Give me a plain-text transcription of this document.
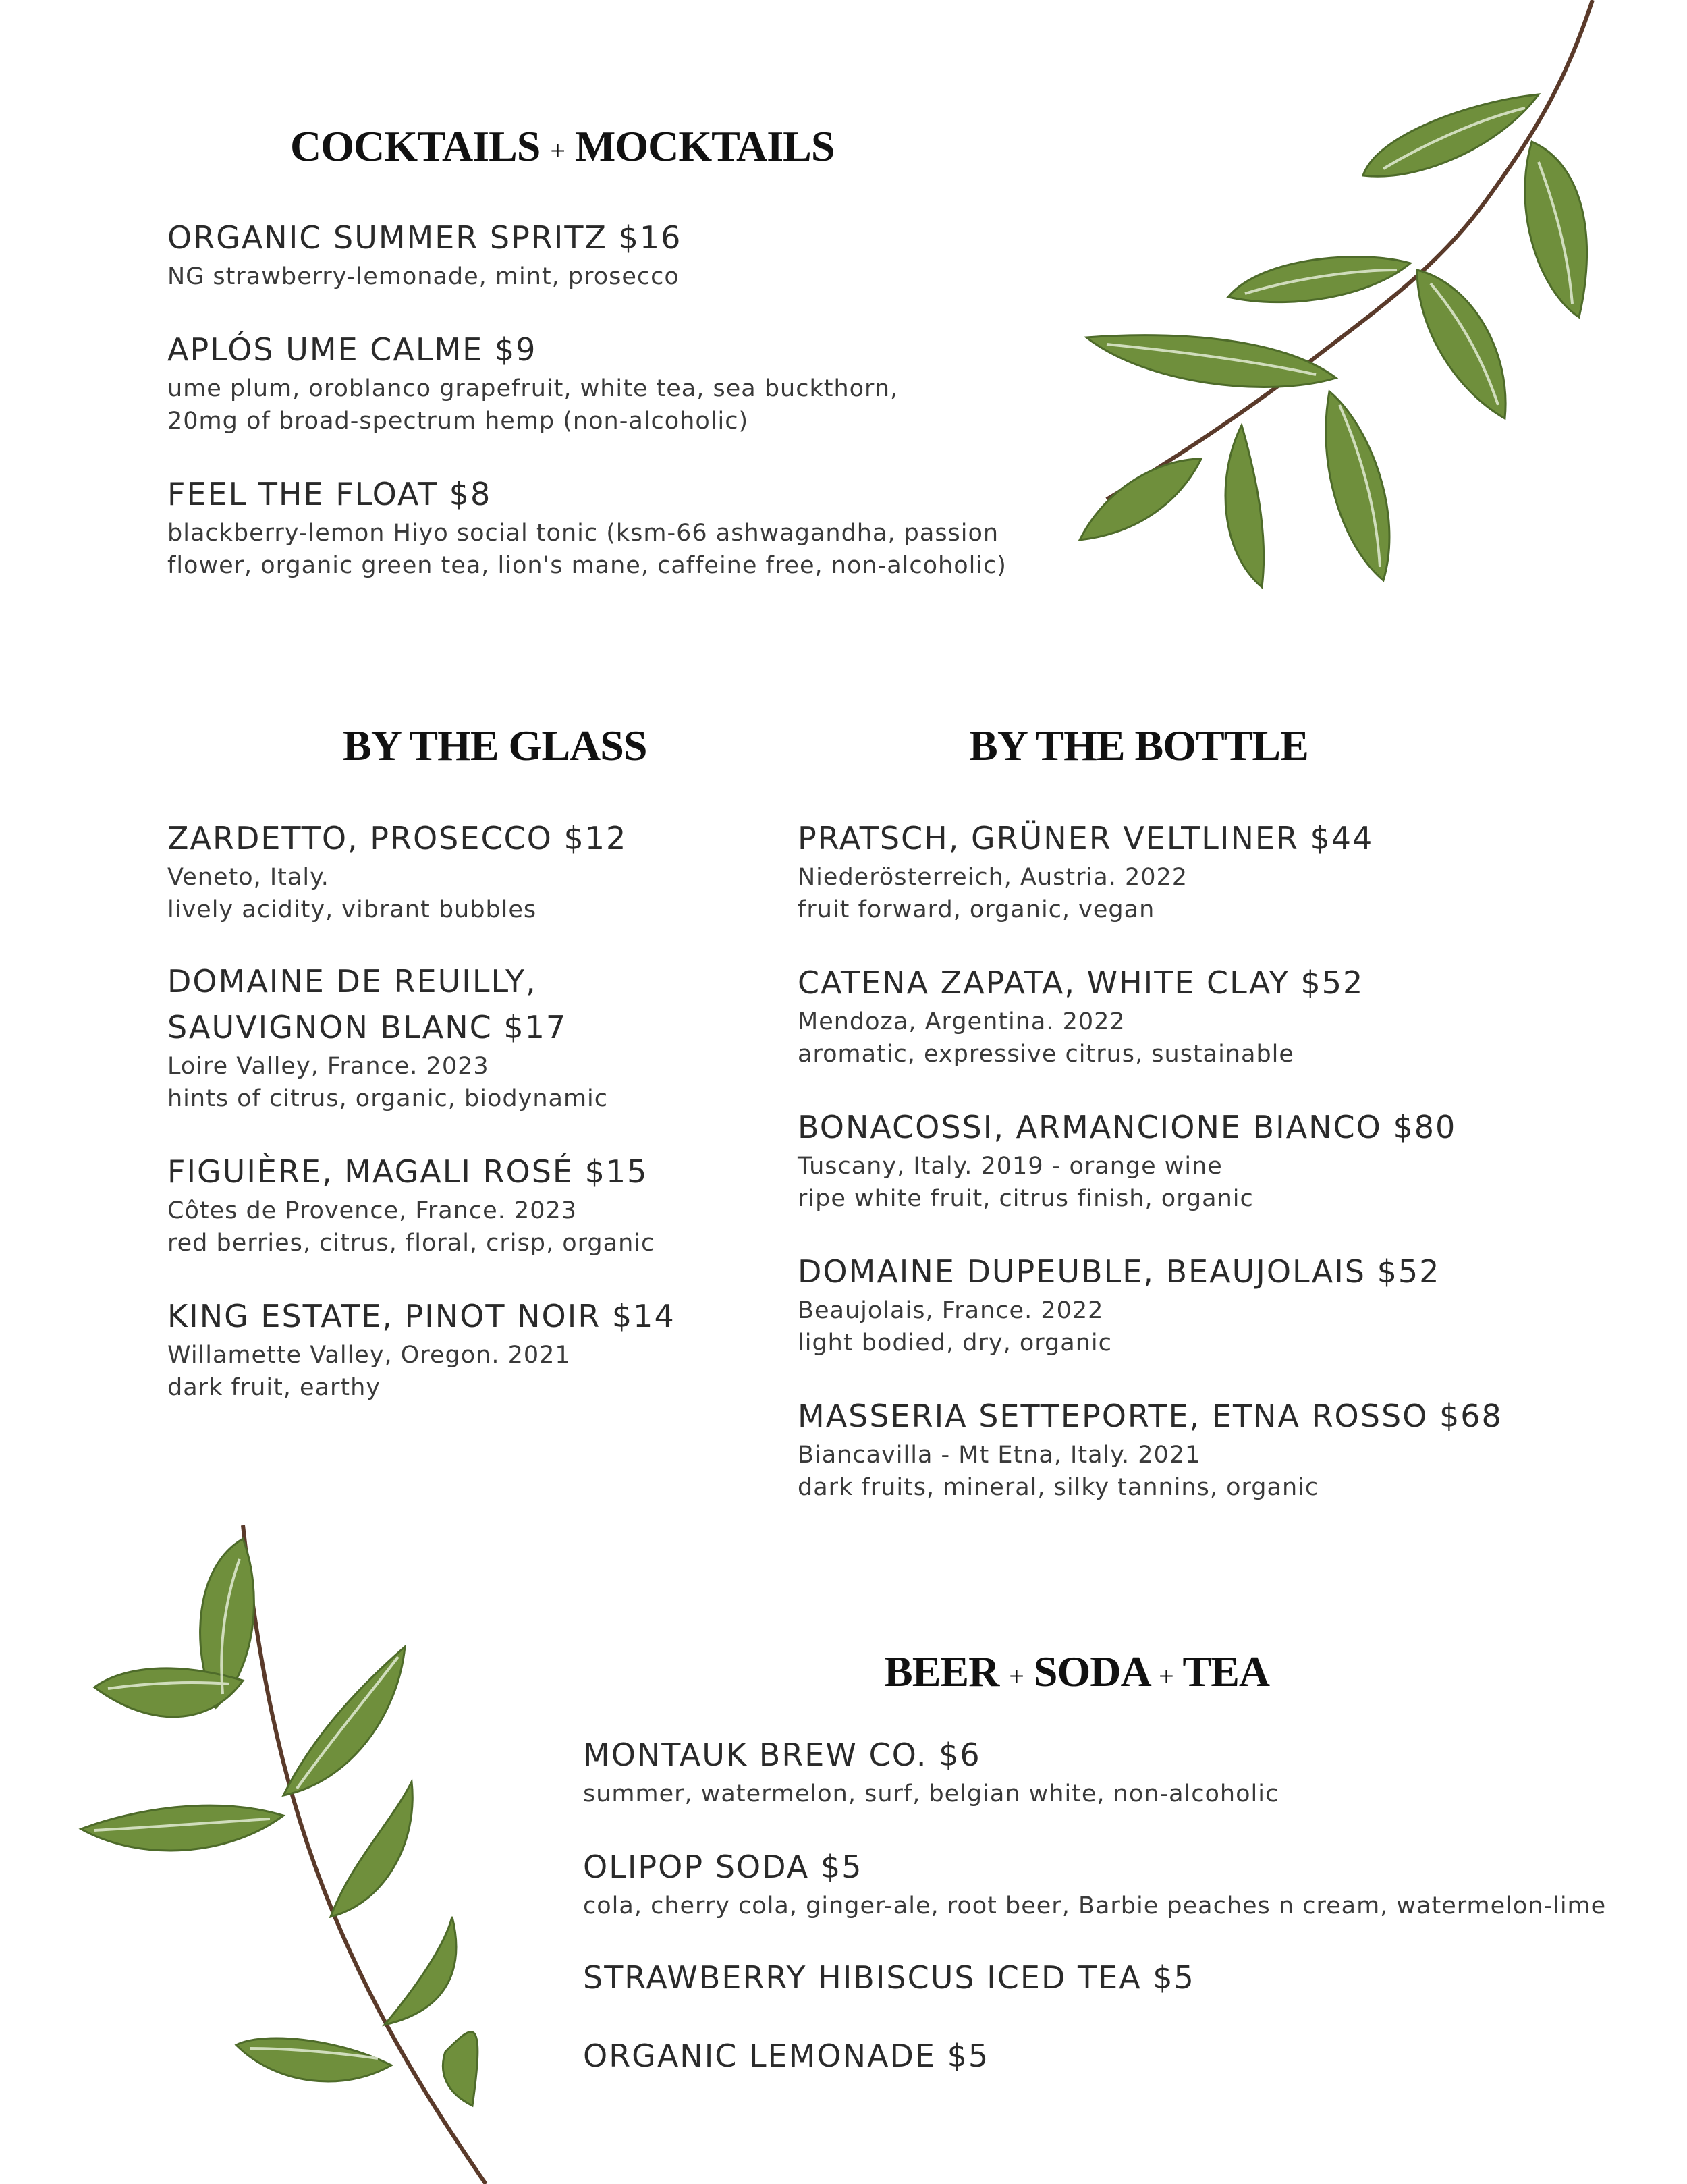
COCKTAILS + MOCKTAILS
ORGANIC SUMMER SPRITZ $16
NG strawberry-lemonade, mint, prosecco
APLÓS UME CALME $9
ume plum, oroblanco grapefruit, white tea, sea buckthorn,
20mg of broad-spectrum hemp (non-alcoholic)
FEEL THE FLOAT $8
blackberry-lemon Hiyo social tonic (ksm-66 ashwagandha, passion
flower, organic green tea, lion's mane, caffeine free, non-alcoholic)
BY THE GLASS
ZARDETTO, PROSECCO $12
Veneto, Italy.
lively acidity, vibrant bubbles
DOMAINE DE REUILLY,
SAUVIGNON BLANC $17
Loire Valley, France. 2023
hints of citrus, organic, biodynamic
FIGUIÈRE, MAGALI ROSÉ $15
Côtes de Provence, France. 2023
red berries, citrus, floral, crisp, organic
KING ESTATE, PINOT NOIR $14
Willamette Valley, Oregon. 2021
dark fruit, earthy
BY THE BOTTLE
PRATSCH, GRÜNER VELTLINER $44
Niederösterreich, Austria. 2022
fruit forward, organic, vegan
CATENA ZAPATA, WHITE CLAY $52
Mendoza, Argentina. 2022
aromatic, expressive citrus, sustainable
BONACOSSI, ARMANCIONE BIANCO $80
Tuscany, Italy. 2019 - orange wine
ripe white fruit, citrus finish, organic
DOMAINE DUPEUBLE, BEAUJOLAIS $52
Beaujolais, France. 2022
light bodied, dry, organic
MASSERIA SETTEPORTE, ETNA ROSSO $68
Biancavilla - Mt Etna, Italy. 2021
dark fruits, mineral, silky tannins, organic
BEER + SODA + TEA
MONTAUK BREW CO. $6
summer, watermelon, surf, belgian white, non-alcoholic
OLIPOP SODA $5
cola, cherry cola, ginger-ale, root beer, Barbie peaches n cream, watermelon-lime
STRAWBERRY HIBISCUS ICED TEA $5
ORGANIC LEMONADE $5
